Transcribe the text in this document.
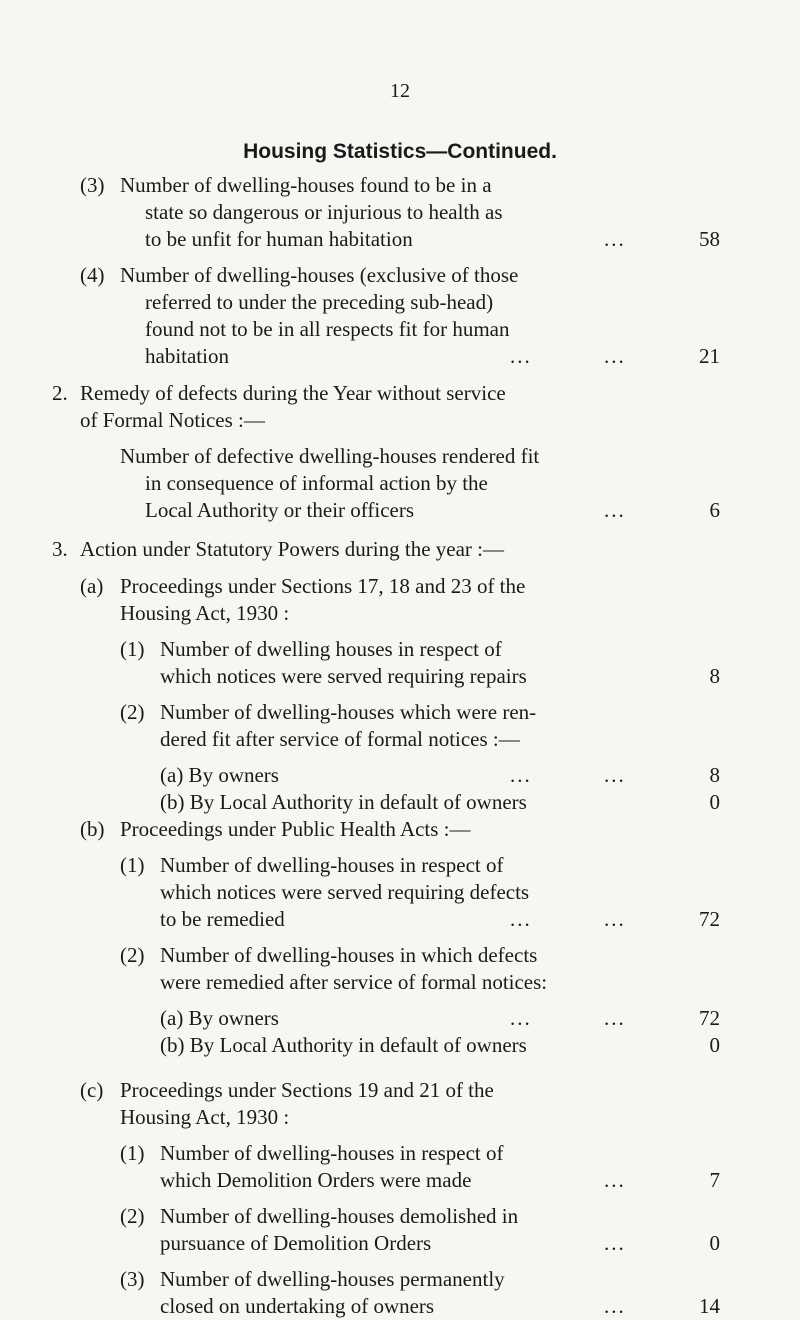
12
Housing Statistics—Continued.
(3) Number of dwelling-houses found to be in a
state so dangerous or injurious to health as
to be unfit for human habitation	...	58
(4) Number of dwelling-houses (exclusive of those
referred to under the preceding sub-head)
found not to be in all respects fit for human
habitation	...	...	21
2. Remedy of defects during the Year without service
of Formal Notices :—
Number of defective dwelling-houses rendered fit
in consequence of informal action by the
Local Authority or their officers	...	6
3. Action under Statutory Powers during the year :—
(a) Proceedings under Sections 17, 18 and 23 of the
Housing Act, 1930 :
(1) Number of dwelling houses in respect of
which notices were served requiring repairs	8
(2) Number of dwelling-houses which were ren-
dered fit after service of formal notices :—
(a) By owners	...	...	8
(b) By Local Authority in default of owners	0
(b) Proceedings under Public Health Acts :—
(1) Number of dwelling-houses in respect of
which notices were served requiring defects
to be remedied	...	...	72
(2) Number of dwelling-houses in which defects
were remedied after service of formal notices:
(a) By owners	...	...	72
(b) By Local Authority in default of owners	0
(c) Proceedings under Sections 19 and 21 of the
Housing Act, 1930 :
(1) Number of dwelling-houses in respect of
which Demolition Orders were made	...	7
(2) Number of dwelling-houses demolished in
pursuance of Demolition Orders	...	0
(3) Number of dwelling-houses permanently
closed on undertaking of owners	...	14
